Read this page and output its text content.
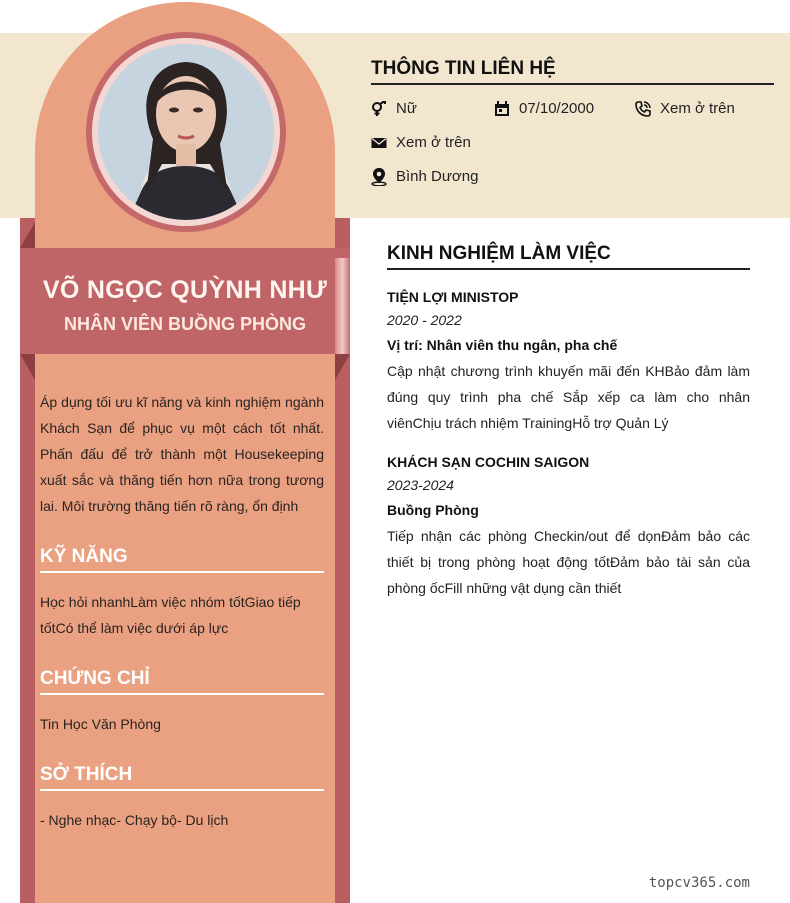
VÕ NGỌC QUỲNH NHƯ
NHÂN VIÊN BUỒNG PHÒNG
Áp dụng tối ưu kĩ năng và kinh nghiệm ngành Khách Sạn để phục vụ một cách tốt nhất. Phấn đấu để trở thành một Housekeeping xuất sắc và thăng tiến hơn nữa trong tương lai. Môi trường thăng tiến rõ ràng, ổn định
KỸ NĂNG
Học hỏi nhanhLàm việc nhóm tốtGiao tiếp tốtCó thể làm việc dưới áp lực
CHỨNG CHỈ
Tin Học Văn Phòng
SỞ THÍCH
- Nghe nhạc- Chạy bộ- Du lịch
THÔNG TIN LIÊN HỆ
Nữ	07/10/2000	Xem ở trên
Xem ở trên
Bình Dương
KINH NGHIỆM LÀM VIỆC
TIỆN LỢI MINISTOP
2020 - 2022
Vị trí: Nhân viên thu ngân, pha chế
Cập nhật chương trình khuyến mãi đến KHBảo đảm làm đúng quy trình pha chế Sắp xếp ca làm cho nhân viênChịu trách nhiệm TrainingHỗ trợ Quản Lý
KHÁCH SẠN COCHIN SAIGON
2023-2024
Buồng Phòng
Tiếp nhận các phòng Checkin/out để dọnĐảm bảo các thiết bị trong phòng hoạt động tốtĐảm bảo tài sản của phòng ốcFill những vật dụng cần thiết
topcv365.com
